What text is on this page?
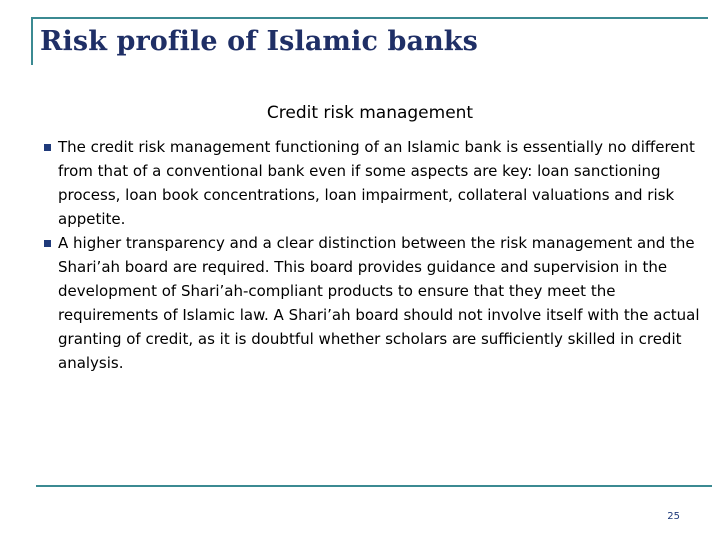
Risk profile of Islamic banks
Credit risk management
The credit risk management functioning of an Islamic bank is essentially no different from that of a conventional bank even if some aspects are key: loan sanctioning process, loan book concentrations, loan impairment, collateral valuations and risk appetite.
A higher transparency and a clear distinction between the risk management and the Shari’ah board are required. This board provides guidance and supervision in the development of Shari’ah-compliant products to ensure that they meet the requirements of Islamic law. A Shari’ah board should not involve itself with the actual granting of credit, as it is doubtful whether scholars are sufficiently skilled in credit analysis.
25
